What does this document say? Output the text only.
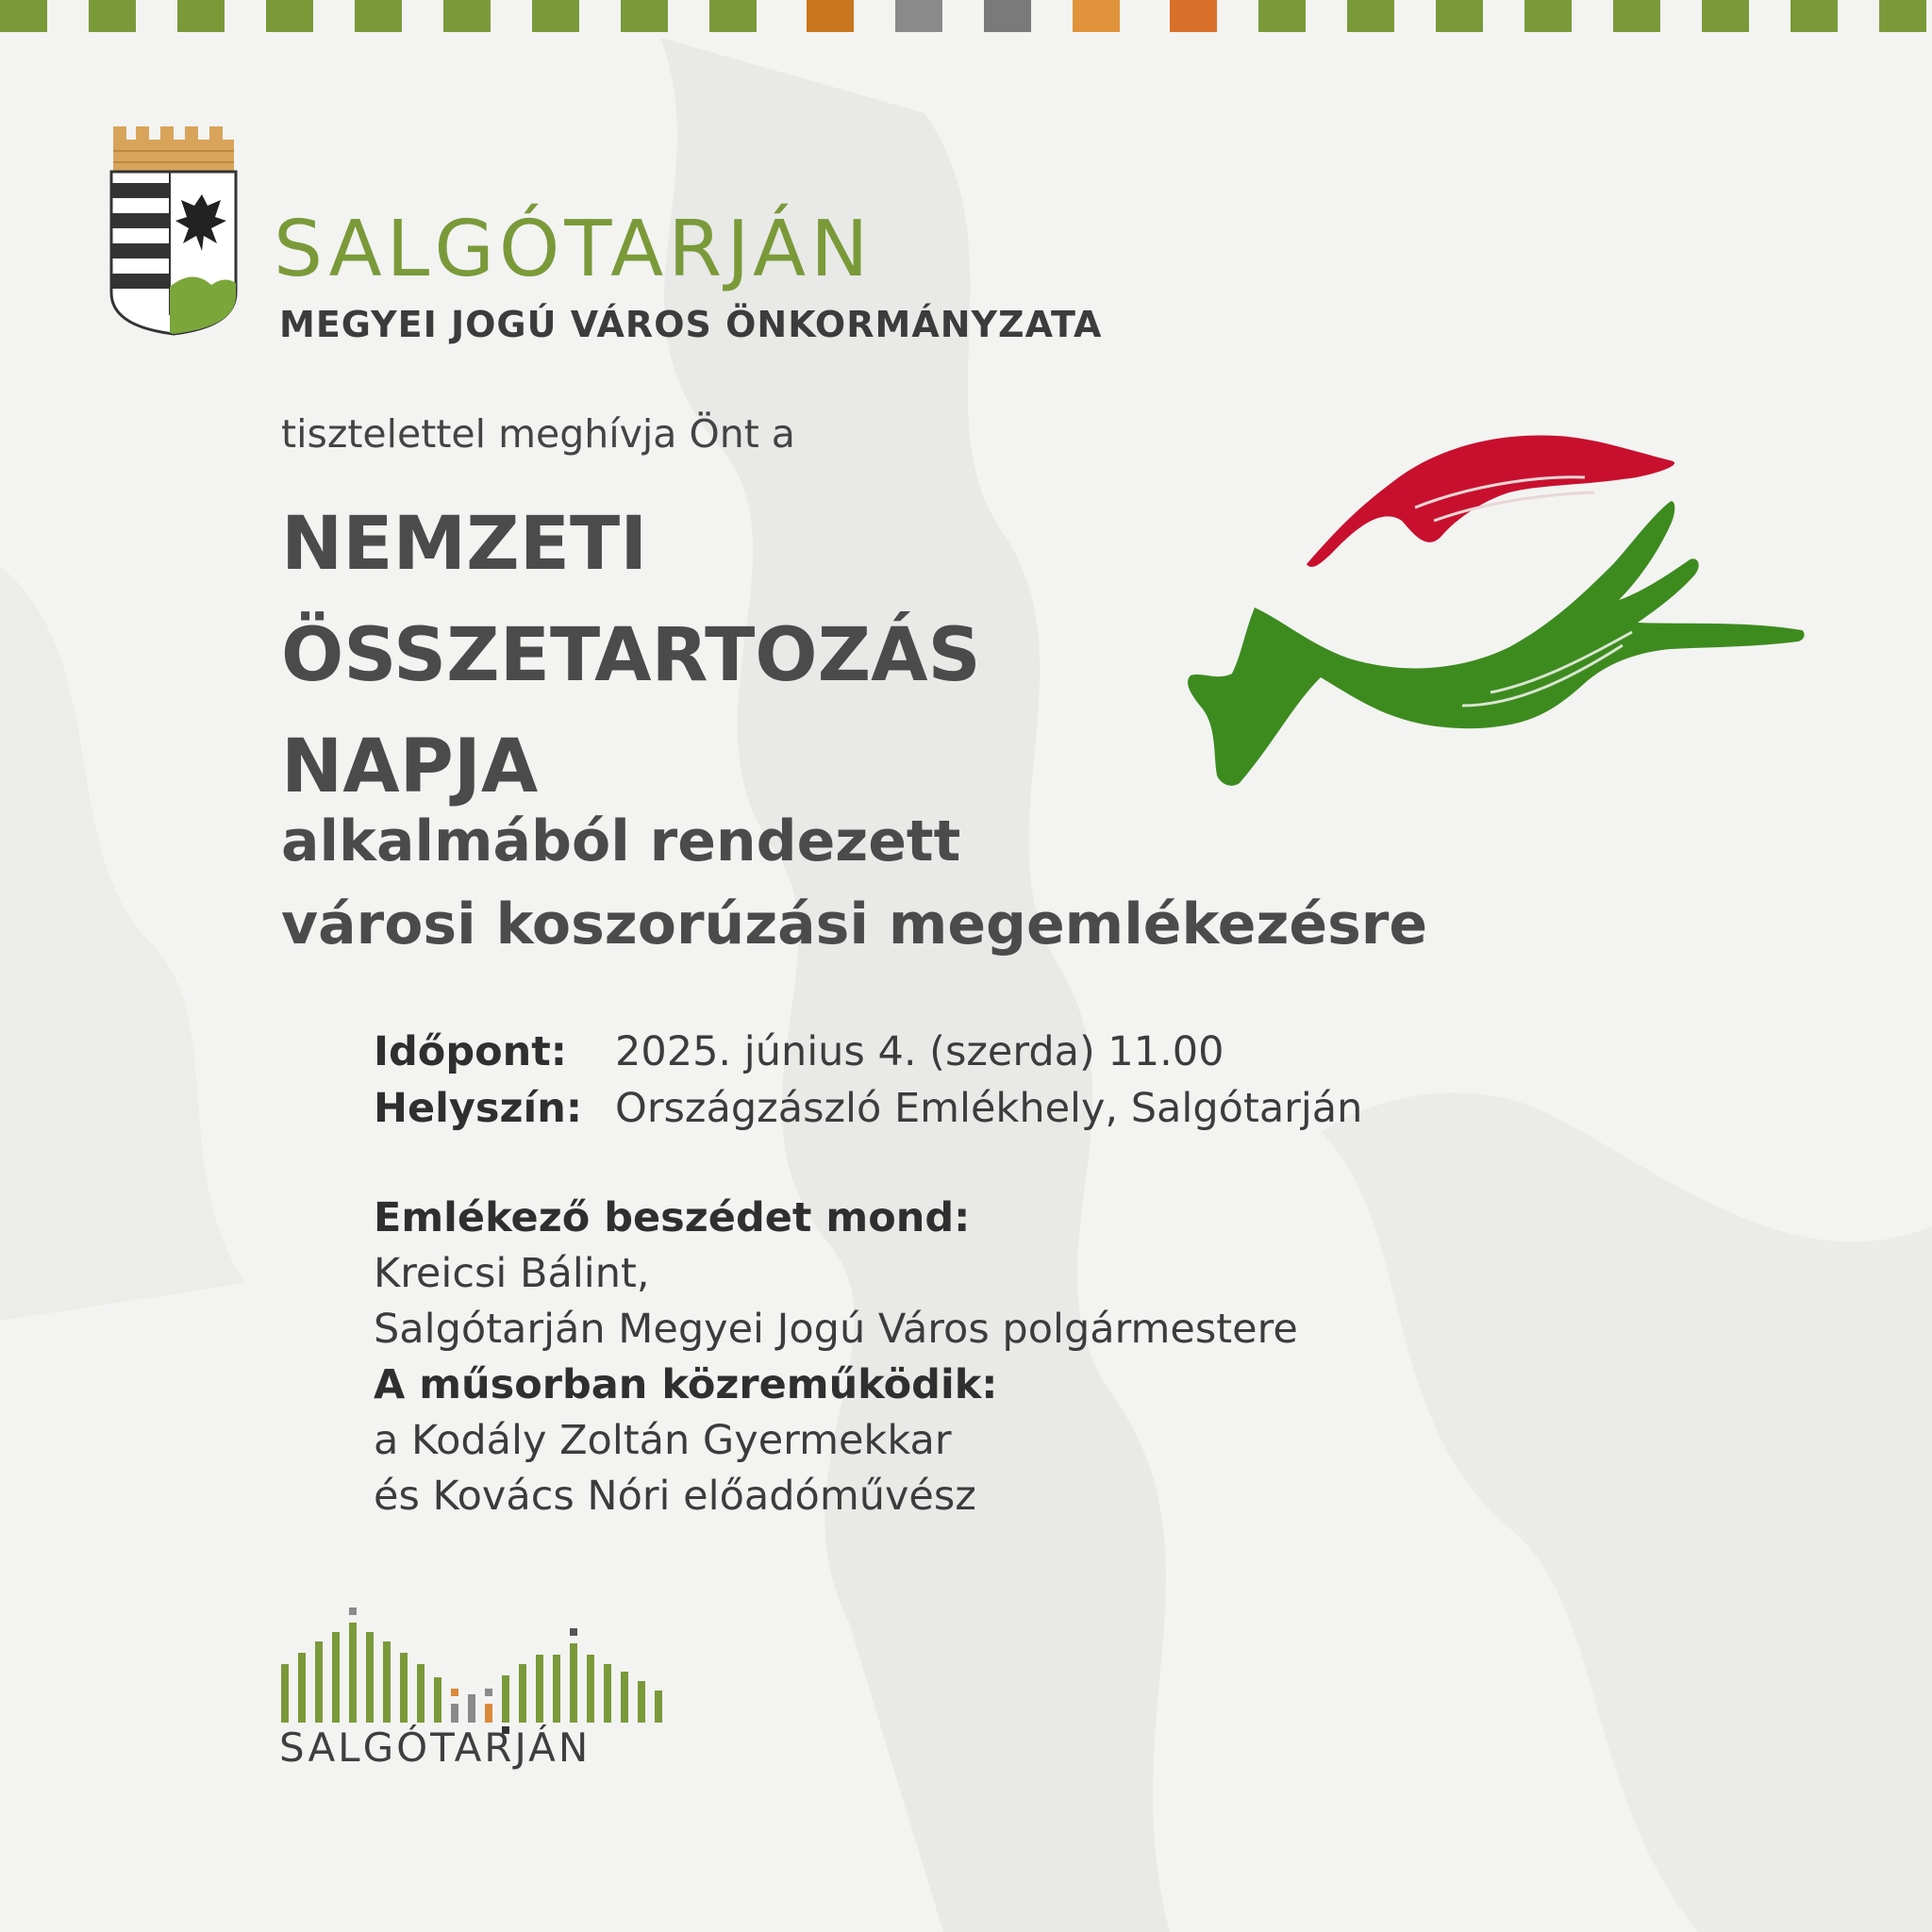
SALGÓTARJÁN
MEGYEI JOGÚ VÁROS ÖNKORMÁNYZATA
tisztelettel meghívja Önt a
NEMZETI
ÖSSZETARTOZÁS
NAPJA
alkalmából rendezett
városi koszorúzási megemlékezésre
Időpont:	2025. június 4. (szerda) 11.00
Helyszín: Országzászló Emlékhely, Salgótarján
Emlékező beszédet mond:
Kreicsi Bálint,
Salgótarján Megyei Jogú Város polgármestere
A műsorban közreműködik:
a Kodály Zoltán Gyermekkar
és Kovács Nóri előadóművész
SALGÓTARJÁN
